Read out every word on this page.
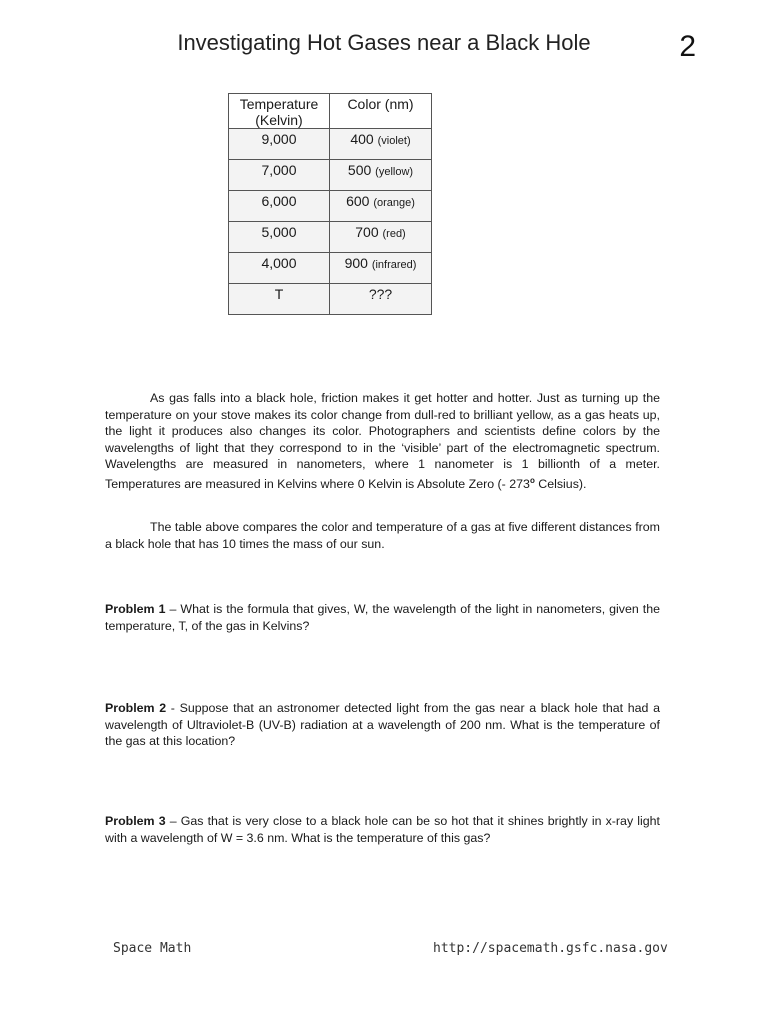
Investigating Hot Gases near a Black Hole	2
Temperature (Kelvin)	Color (nm)
9,000	400 (violet)
7,000	500 (yellow)
6,000	600 (orange)
5,000	700 (red)
4,000	900 (infrared)
T	???
As gas falls into a black hole, friction makes it get hotter and hotter. Just as turning up the temperature on your stove makes its color change from dull-red to brilliant yellow, as a gas heats up, the light it produces also changes its color. Photographers and scientists define colors by the wavelengths of light that they correspond to in the ‘visible’ part of the electromagnetic spectrum. Wavelengths are measured in nanometers, where 1 nanometer is 1 billionth of a meter. Temperatures are measured in Kelvins where 0 Kelvin is Absolute Zero (- 273$^o$ Celsius).
The table above compares the color and temperature of a gas at five different distances from a black hole that has 10 times the mass of our sun.
Problem 1 – What is the formula that gives, W, the wavelength of the light in nanometers, given the temperature, T, of the gas in Kelvins?
Problem 2 - Suppose that an astronomer detected light from the gas near a black hole that had a wavelength of Ultraviolet-B (UV-B) radiation at a wavelength of 200 nm. What is the temperature of the gas at this location?
Problem 3 – Gas that is very close to a black hole can be so hot that it shines brightly in x-ray light with a wavelength of W = 3.6 nm. What is the temperature of this gas?
Space Math	http://spacemath.gsfc.nasa.gov
